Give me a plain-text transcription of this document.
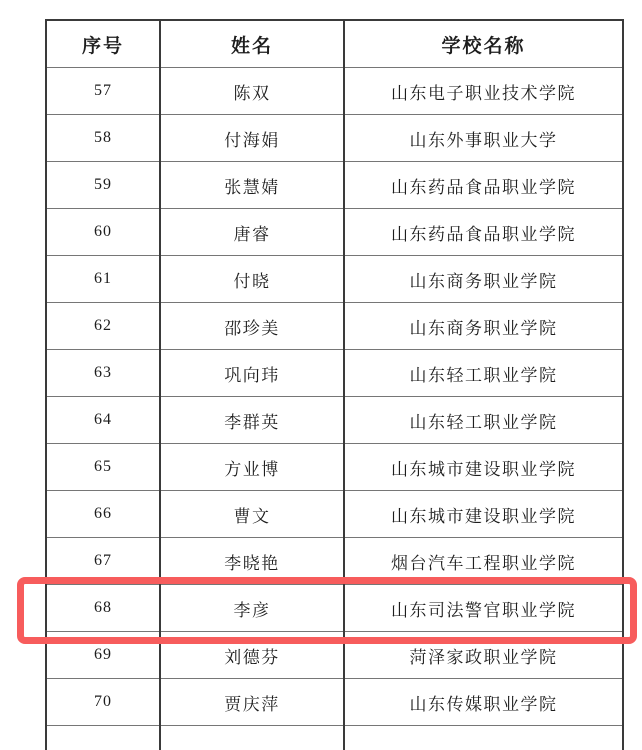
序号	姓名	学校名称
57	陈双	山东电子职业技术学院
58	付海娟	山东外事职业大学
59	张慧婧	山东药品食品职业学院
60	唐睿	山东药品食品职业学院
61	付晓	山东商务职业学院
62	邵珍美	山东商务职业学院
63	巩向玮	山东轻工职业学院
64	李群英	山东轻工职业学院
65	方业博	山东城市建设职业学院
66	曹文	山东城市建设职业学院
67	李晓艳	烟台汽车工程职业学院
68	李彦	山东司法警官职业学院
69	刘德芬	菏泽家政职业学院
70	贾庆萍	山东传媒职业学院
